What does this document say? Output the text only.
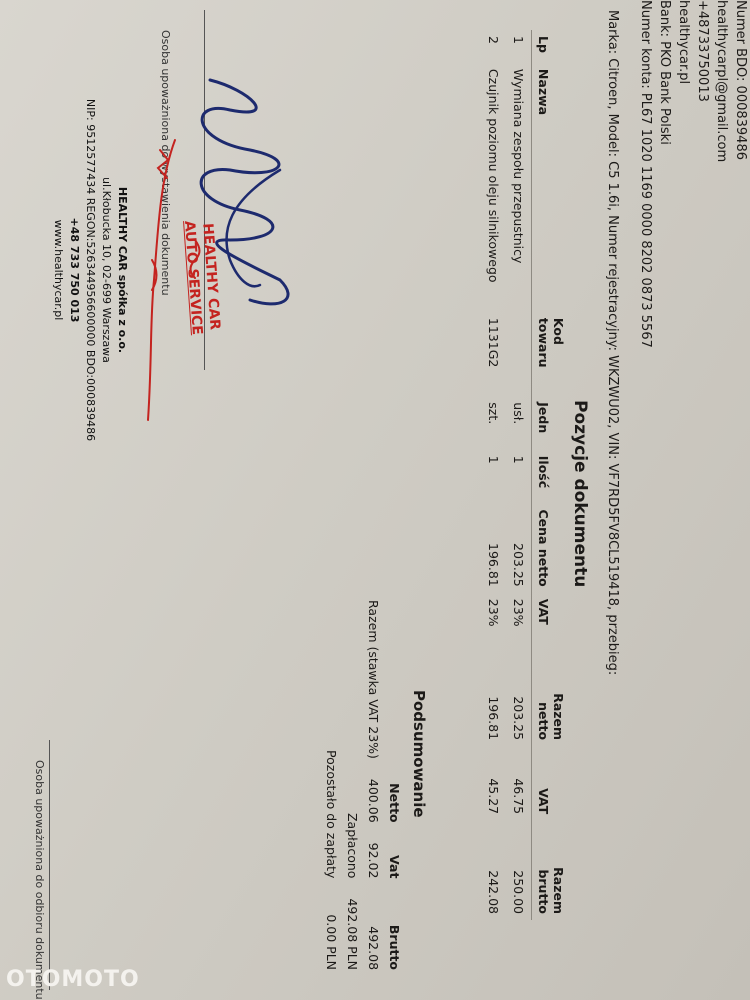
Numer BDO: 000839486
healthycarpl@gmail.com
+48733750013
healthycar.pl
Bank: PKO Bank Polski
Numer konta: PL67 1020 1169 0000 8202 0873 5567
Marka: Citroen, Model: C5 1.6i, Numer rejestracyjny: WKZWU02, VIN: VF7RD5FV8CL519418, przebieg:
Pozycje dokumentu
Lp	Nazwa	Kod towaru	Jedn	Ilość	Cena netto	VAT	Razem netto	VAT	Razem brutto
1	Wymiana zespołu przepustnicy		usł.	1	203.25	23%	203.25	46.75	250.00
2	Czujnik poziomu oleju silnikowego	1131G2	szt.	1	196.81	23%	196.81	45.27	242.08
Podsumowanie
	Netto	Vat	Brutto
Razem (stawka VAT 23%)	400.06	92.02	492.08
Zapłacono			492.08 PLN
Pozostało do zapłaty			0.00 PLN
Osoba upoważniona do odbioru dokumentu
Osoba upoważniona do wystawienia dokumentu
HEALTHY CAR spółka z o.o.
ul.Kłobucka 10, 02-699 Warszawa
NIP: 9512577434 REGON:526344956600000 BDO:000839486
+48 733 750 013
www.healthycar.pl	HEALTHY CAR
AUTO SERVICE
OTOMOTO
